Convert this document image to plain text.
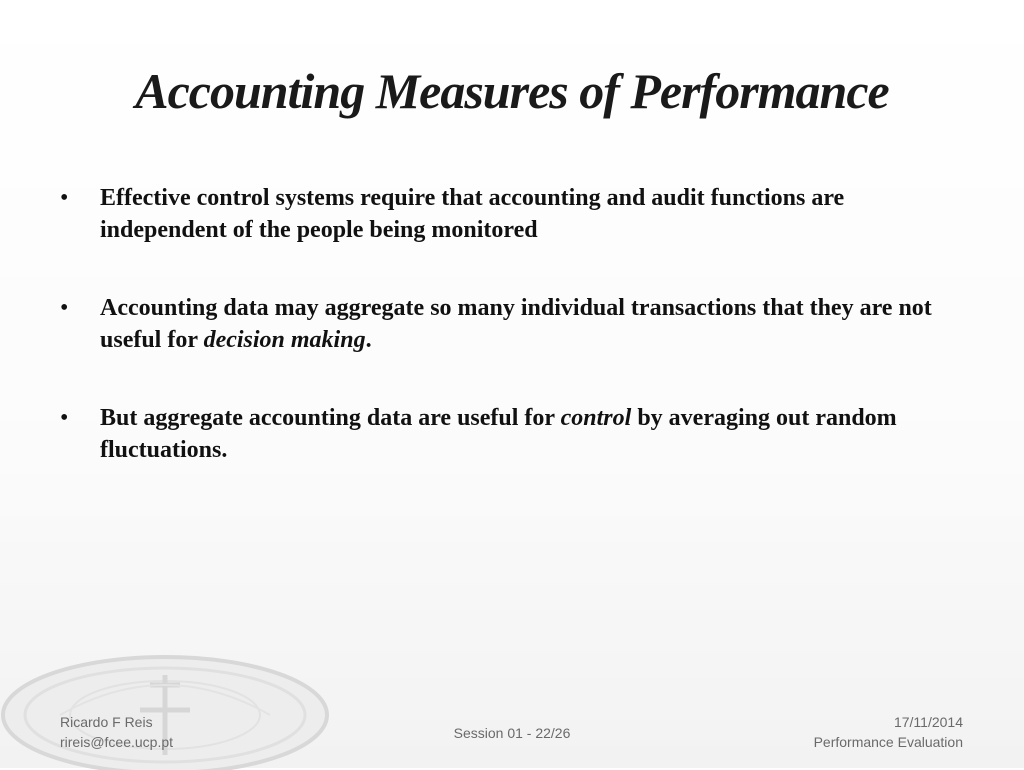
Accounting Measures of Performance
• Effective control systems require that accounting and audit functions are independent of the people being monitored
• Accounting data may aggregate so many individual transactions that they are not useful for decision making.
• But aggregate accounting data are useful for control by averaging out random fluctuations.
Ricardo F Reis
rireis@fcee.ucp.pt
Session 01 - 22/26
17/11/2014
Performance Evaluation
